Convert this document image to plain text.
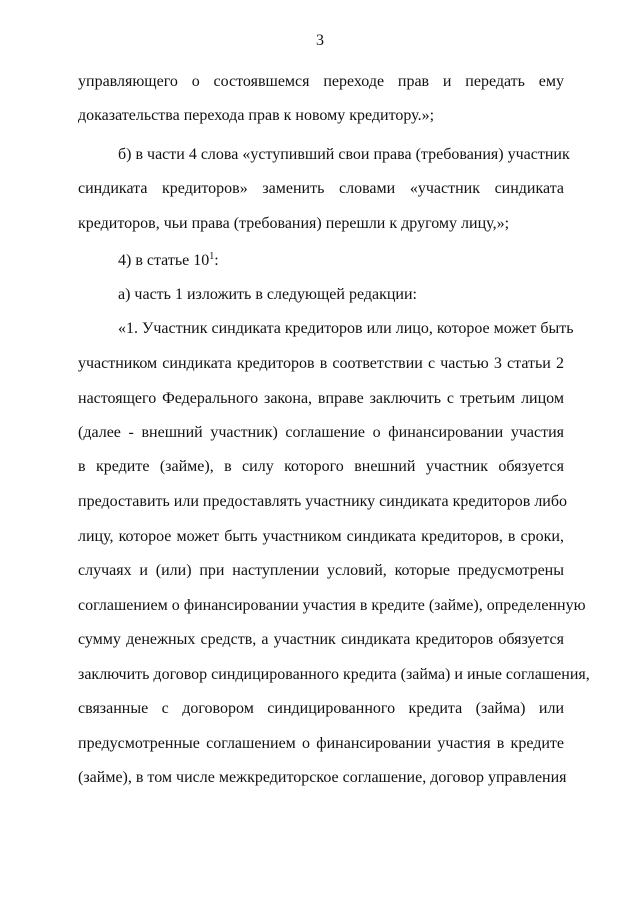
3
управляющего о состоявшемся переходе прав и передать ему
доказательства перехода прав к новому кредитору.»;
б) в части 4 слова «уступивший свои права (требования) участник
синдиката кредиторов» заменить словами «участник синдиката
кредиторов, чьи права (требования) перешли к другому лицу,»;
4) в статье $10^1$:
а) часть 1 изложить в следующей редакции:
«1. Участник синдиката кредиторов или лицо, которое может быть
участником синдиката кредиторов в соответствии с частью 3 статьи 2
настоящего Федерального закона, вправе заключить с третьим лицом
(далее - внешний участник) соглашение о финансировании участия
в кредите (займе), в силу которого внешний участник обязуется
предоставить или предоставлять участнику синдиката кредиторов либо
лицу, которое может быть участником синдиката кредиторов, в сроки,
случаях и (или) при наступлении условий, которые предусмотрены
соглашением о финансировании участия в кредите (займе), определенную
сумму денежных средств, а участник синдиката кредиторов обязуется
заключить договор синдицированного кредита (займа) и иные соглашения,
связанные с договором синдицированного кредита (займа) или
предусмотренные соглашением о финансировании участия в кредите
(займе), в том числе межкредиторское соглашение, договор управления
